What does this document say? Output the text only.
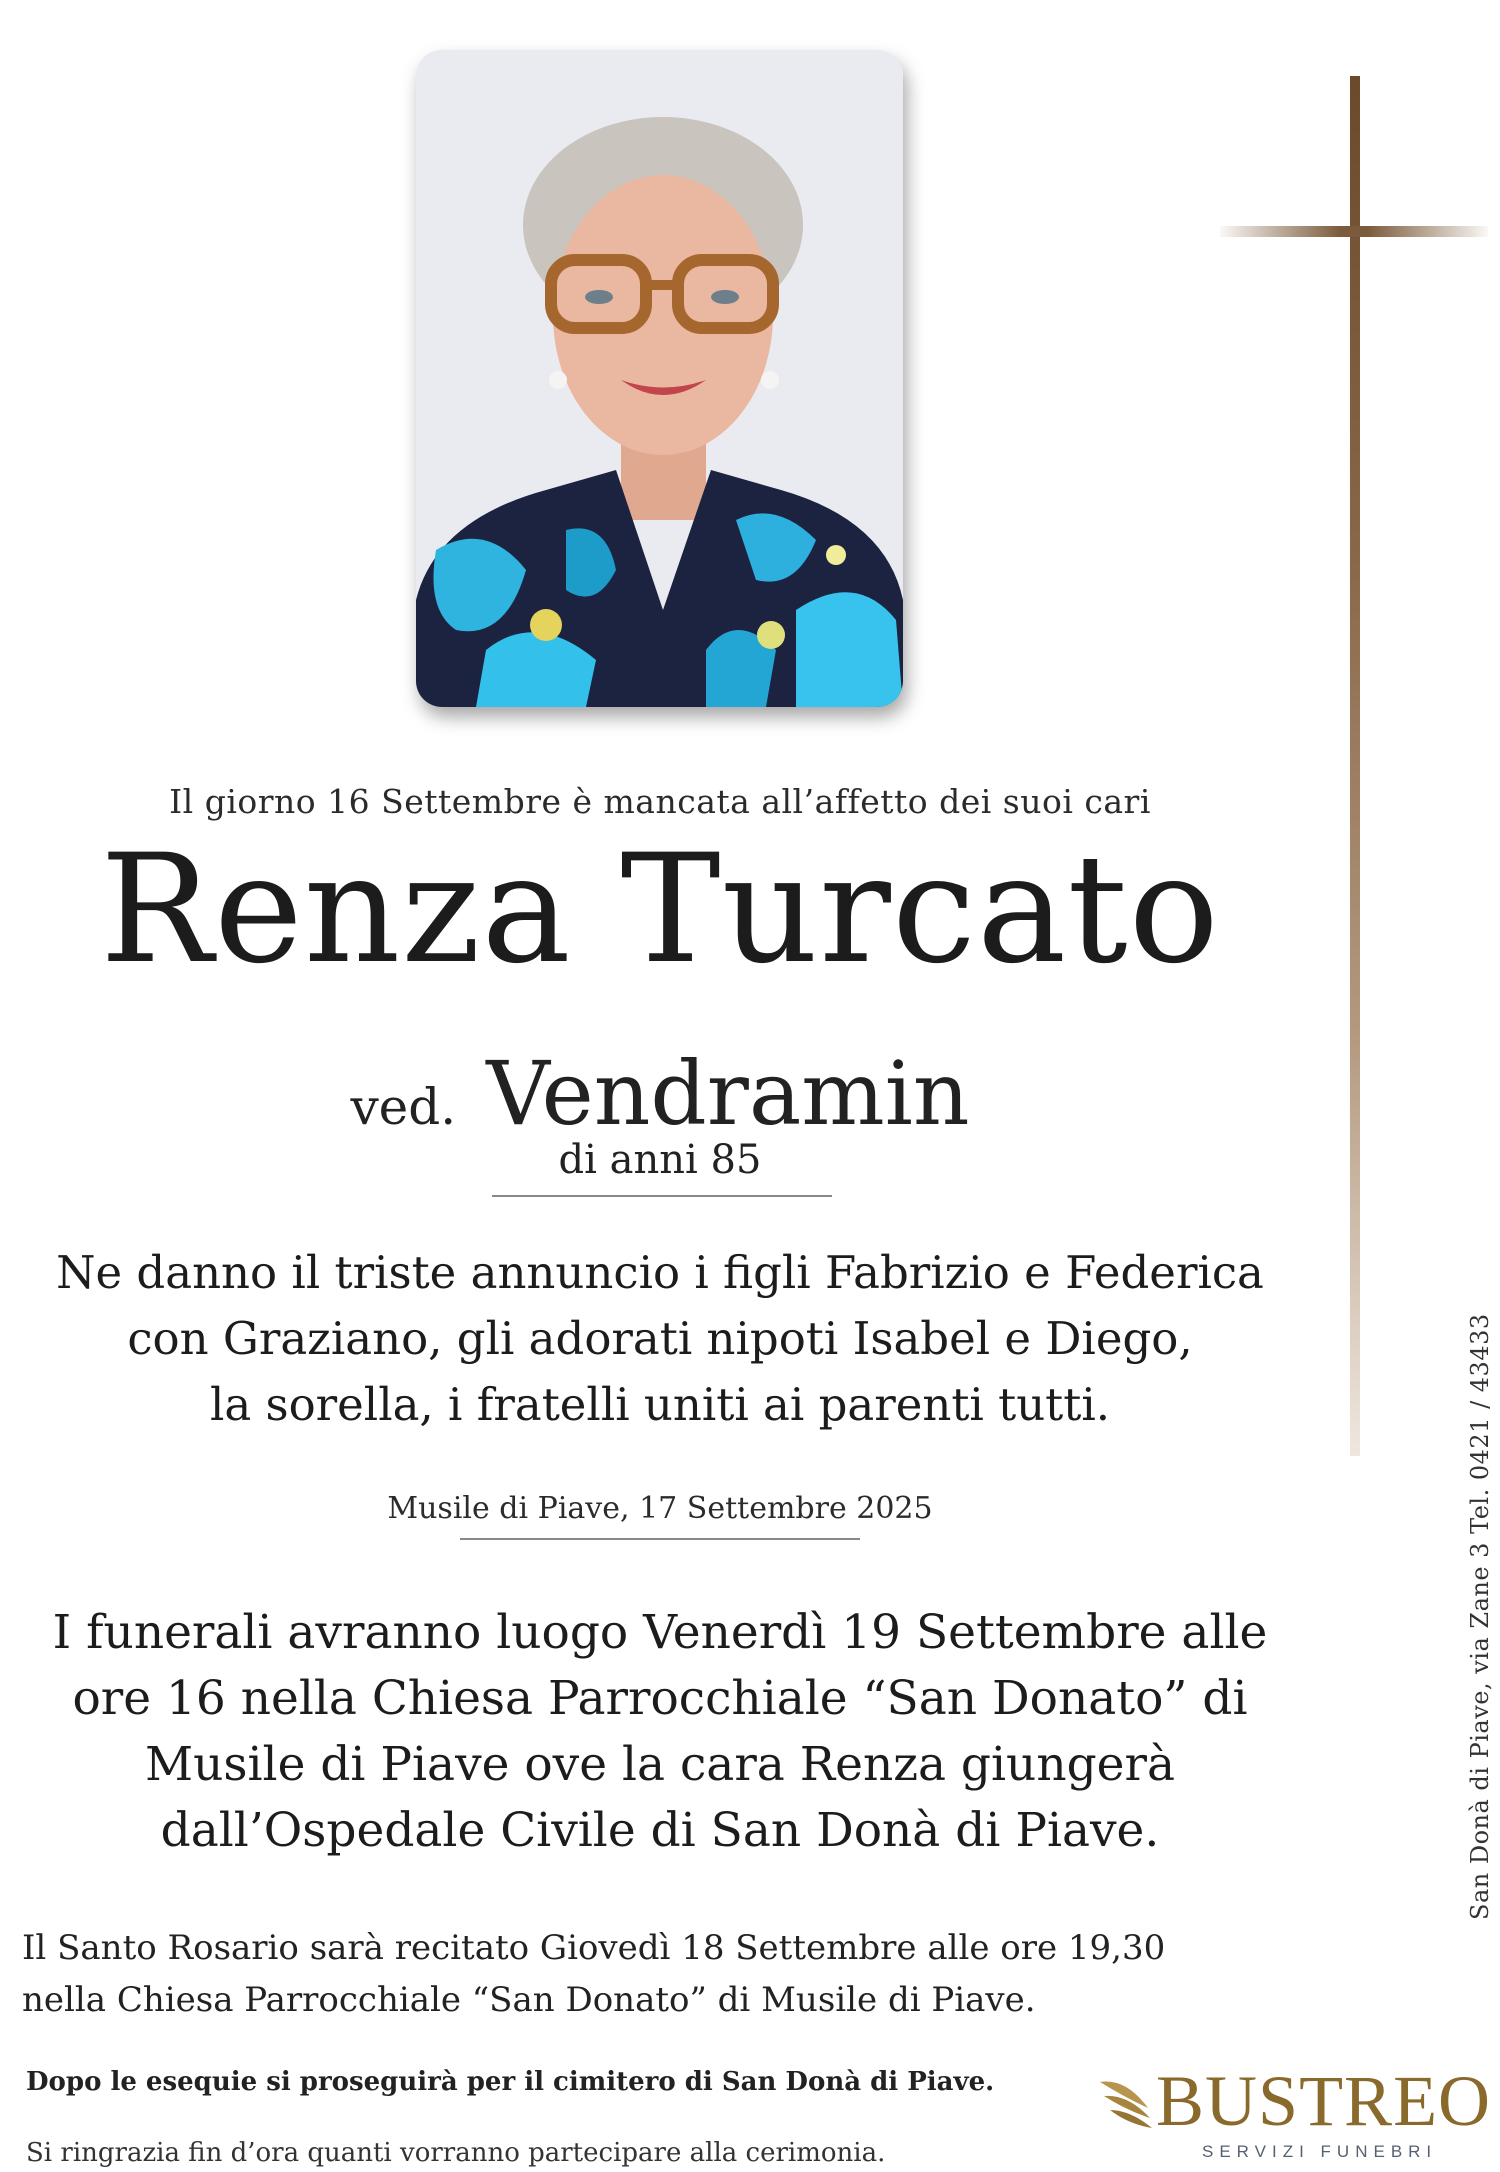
Il giorno 16 Settembre è mancata all’affetto dei suoi cari
Renza Turcato
ved. Vendramin
di anni 85
Ne danno il triste annuncio i figli Fabrizio e Federica
con Graziano, gli adorati nipoti Isabel e Diego,
la sorella, i fratelli uniti ai parenti tutti.
Musile di Piave, 17 Settembre 2025
I funerali avranno luogo Venerdì 19 Settembre alle
ore 16 nella Chiesa Parrocchiale “San Donato” di
Musile di Piave ove la cara Renza giungerà
dall’Ospedale Civile di San Donà di Piave.
Il Santo Rosario sarà recitato Giovedì 18 Settembre alle ore 19,30
nella Chiesa Parrocchiale “San Donato” di Musile di Piave.
Dopo le esequie si proseguirà per il cimitero di San Donà di Piave.
Si ringrazia fin d’ora quanti vorranno partecipare alla cerimonia.
San Donà di Piave, via Zane 3 Tel. 0421 / 43433
BUSTREO
SERVIZI FUNEBRI
